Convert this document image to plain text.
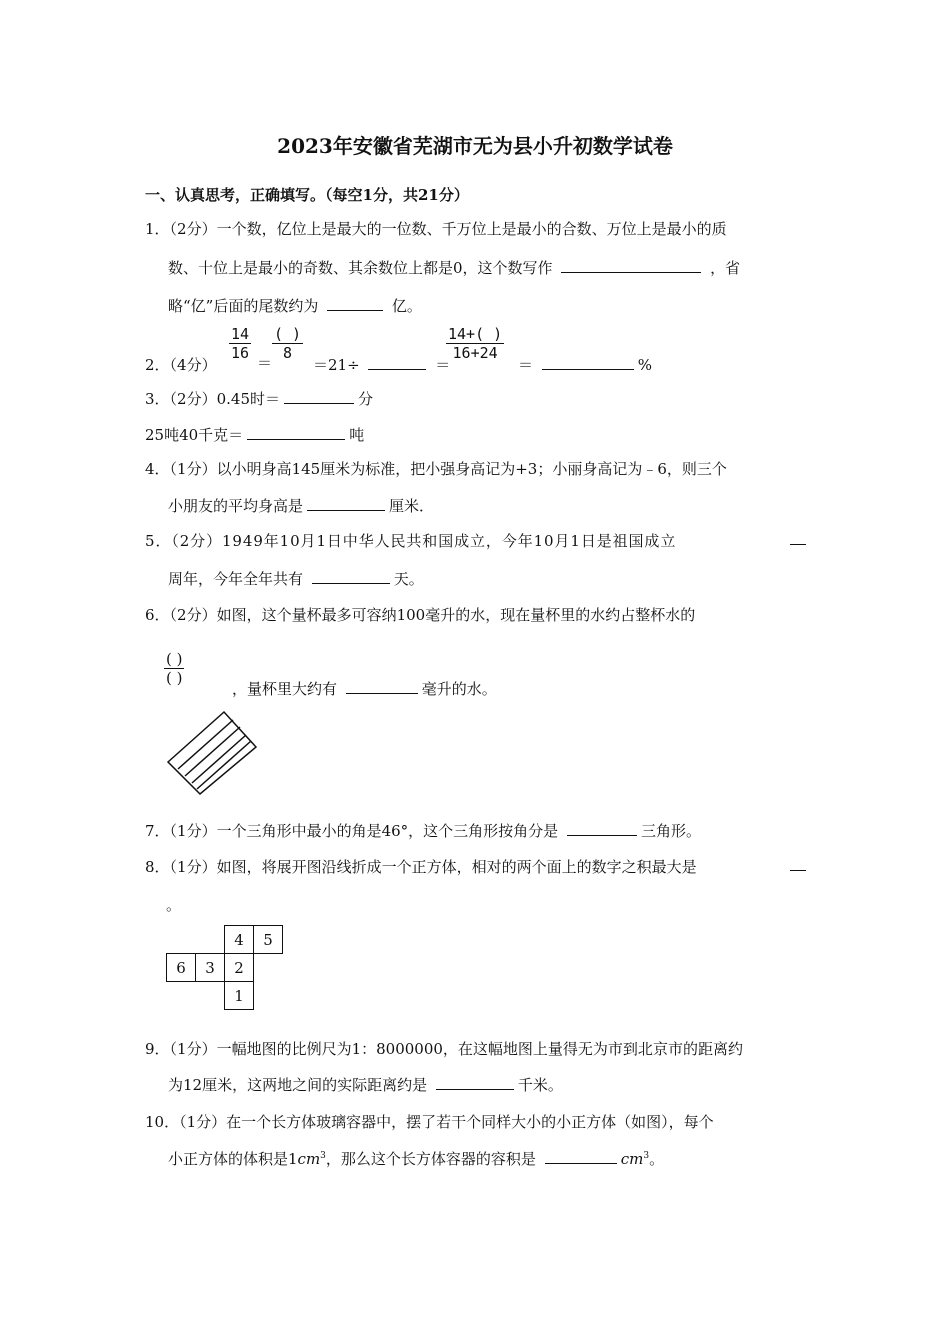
2023年安徽省芜湖市无为县小升初数学试卷
一、认真思考，正确填写。（每空1分，共21分）
1．（2分）一个数，亿位上是最大的一位数、千万位上是最小的合数、万位上是最小的质
数、十位上是最小的奇数、其余数位上都是0，这个数写作	，省
略“亿”后面的尾数约为	亿。
2．（4分）
$\frac{14}{16}$
＝
( )
8
＝21÷	＝
$\frac{14+( )}{16+24}$
＝	%
3．（2分）0.45时＝	分
25吨40千克＝	吨
4．（1分）以小明身高145厘米为标准，把小强身高记为+3；小丽身高记为﹣6，则三个
小朋友的平均身高是	厘米．
5．（2分）1949年10月1日中华人民共和国成立，今年10月1日是祖国成立
周年，今年全年共有	天。
6．（2分）如图，这个量杯最多可容纳100毫升的水，现在量杯里的水约占整杯水的
( )
( )
，量杯里大约有	毫升的水。
7．（1分）一个三角形中最小的角是46°，这个三角形按角分是	三角形。
8．（1分）如图，将展开图沿线折成一个正方体，相对的两个面上的数字之积最大是
。
		4	5
6	3	2	
		1	
9．（1分）一幅地图的比例尺为1：8000000，在这幅地图上量得无为市到北京市的距离约
为12厘米，这两地之间的实际距离约是	千米。
10．（1分）在一个长方体玻璃容器中，摆了若干个同样大小的小正方体（如图），每个
小正方体的体积是$1cm^3$，那么这个长方体容器的容积是	$cm^3$。
